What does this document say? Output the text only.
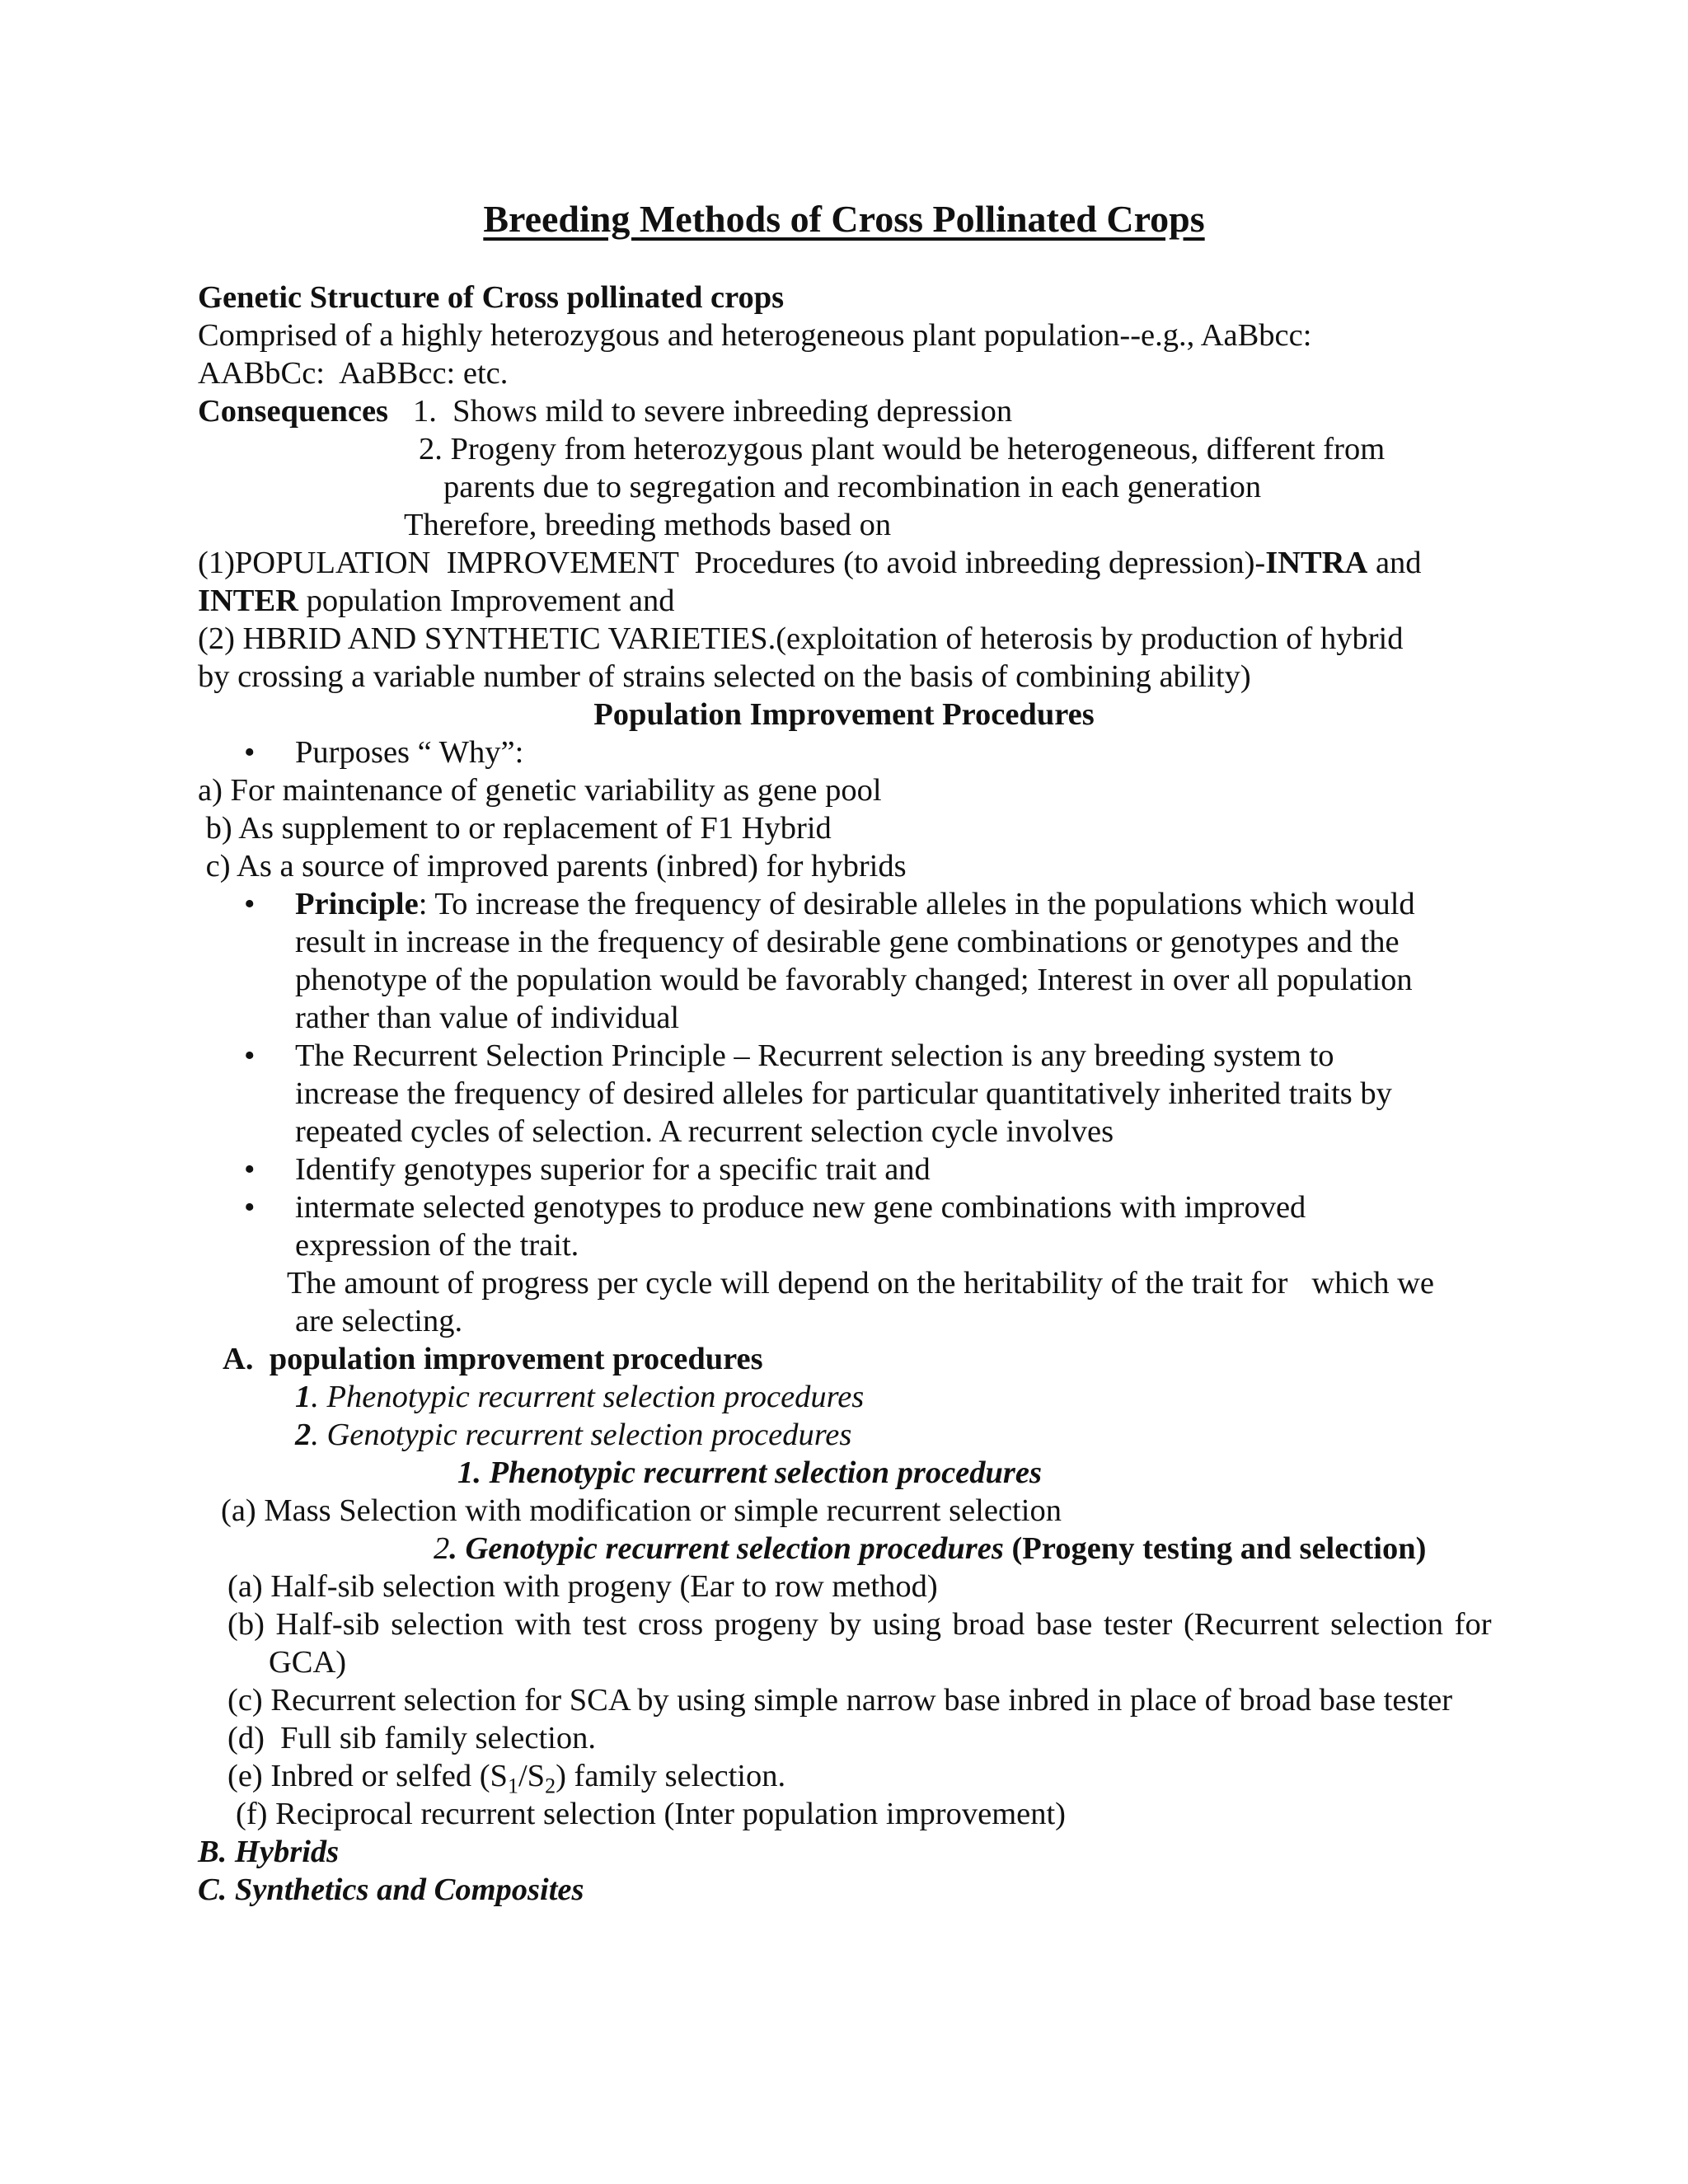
Breeding Methods of Cross Pollinated Crops
Genetic Structure of Cross pollinated crops
Comprised of a highly heterozygous and heterogeneous plant population--e.g., AaBbcc:
AABbCc:  AaBBcc: etc.
Consequences 1.  Shows mild to severe inbreeding depression
2. Progeny from heterozygous plant would be heterogeneous, different from
parents due to segregation and recombination in each generation
Therefore, breeding methods based on
(1)POPULATION  IMPROVEMENT  Procedures (to avoid inbreeding depression)-INTRA and
INTER population Improvement and
(2) HBRID AND SYNTHETIC VARIETIES.(exploitation of heterosis by production of hybrid
by crossing a variable number of strains selected on the basis of combining ability)
Population Improvement Procedures
• Purposes “ Why”:
a) For maintenance of genetic variability as gene pool
b) As supplement to or replacement of F1 Hybrid
c) As a source of improved parents (inbred) for hybrids
• Principle: To increase the frequency of desirable alleles in the populations which would
result in increase in the frequency of desirable gene combinations or genotypes and the
phenotype of the population would be favorably changed; Interest in over all population
rather than value of individual
• The Recurrent Selection Principle – Recurrent selection is any breeding system to
increase the frequency of desired alleles for particular quantitatively inherited traits by
repeated cycles of selection. A recurrent selection cycle involves
• Identify genotypes superior for a specific trait and
• intermate selected genotypes to produce new gene combinations with improved
expression of the trait.
The amount of progress per cycle will depend on the heritability of the trait for   which we
are selecting.
A.  population improvement procedures
1. Phenotypic recurrent selection procedures
2. Genotypic recurrent selection procedures
1. Phenotypic recurrent selection procedures
(a) Mass Selection with modification or simple recurrent selection
2. Genotypic recurrent selection procedures (Progeny testing and selection)
(a) Half-sib selection with progeny (Ear to row method)
(b) Half-sib selection with test cross progeny by using broad base tester (Recurrent selection for
GCA)
(c) Recurrent selection for SCA by using simple narrow base inbred in place of broad base tester
(d)  Full sib family selection.
(e) Inbred or selfed $(S_1/S_2)$ family selection.
(f) Reciprocal recurrent selection (Inter population improvement)
B. Hybrids
C. Synthetics and Composites
